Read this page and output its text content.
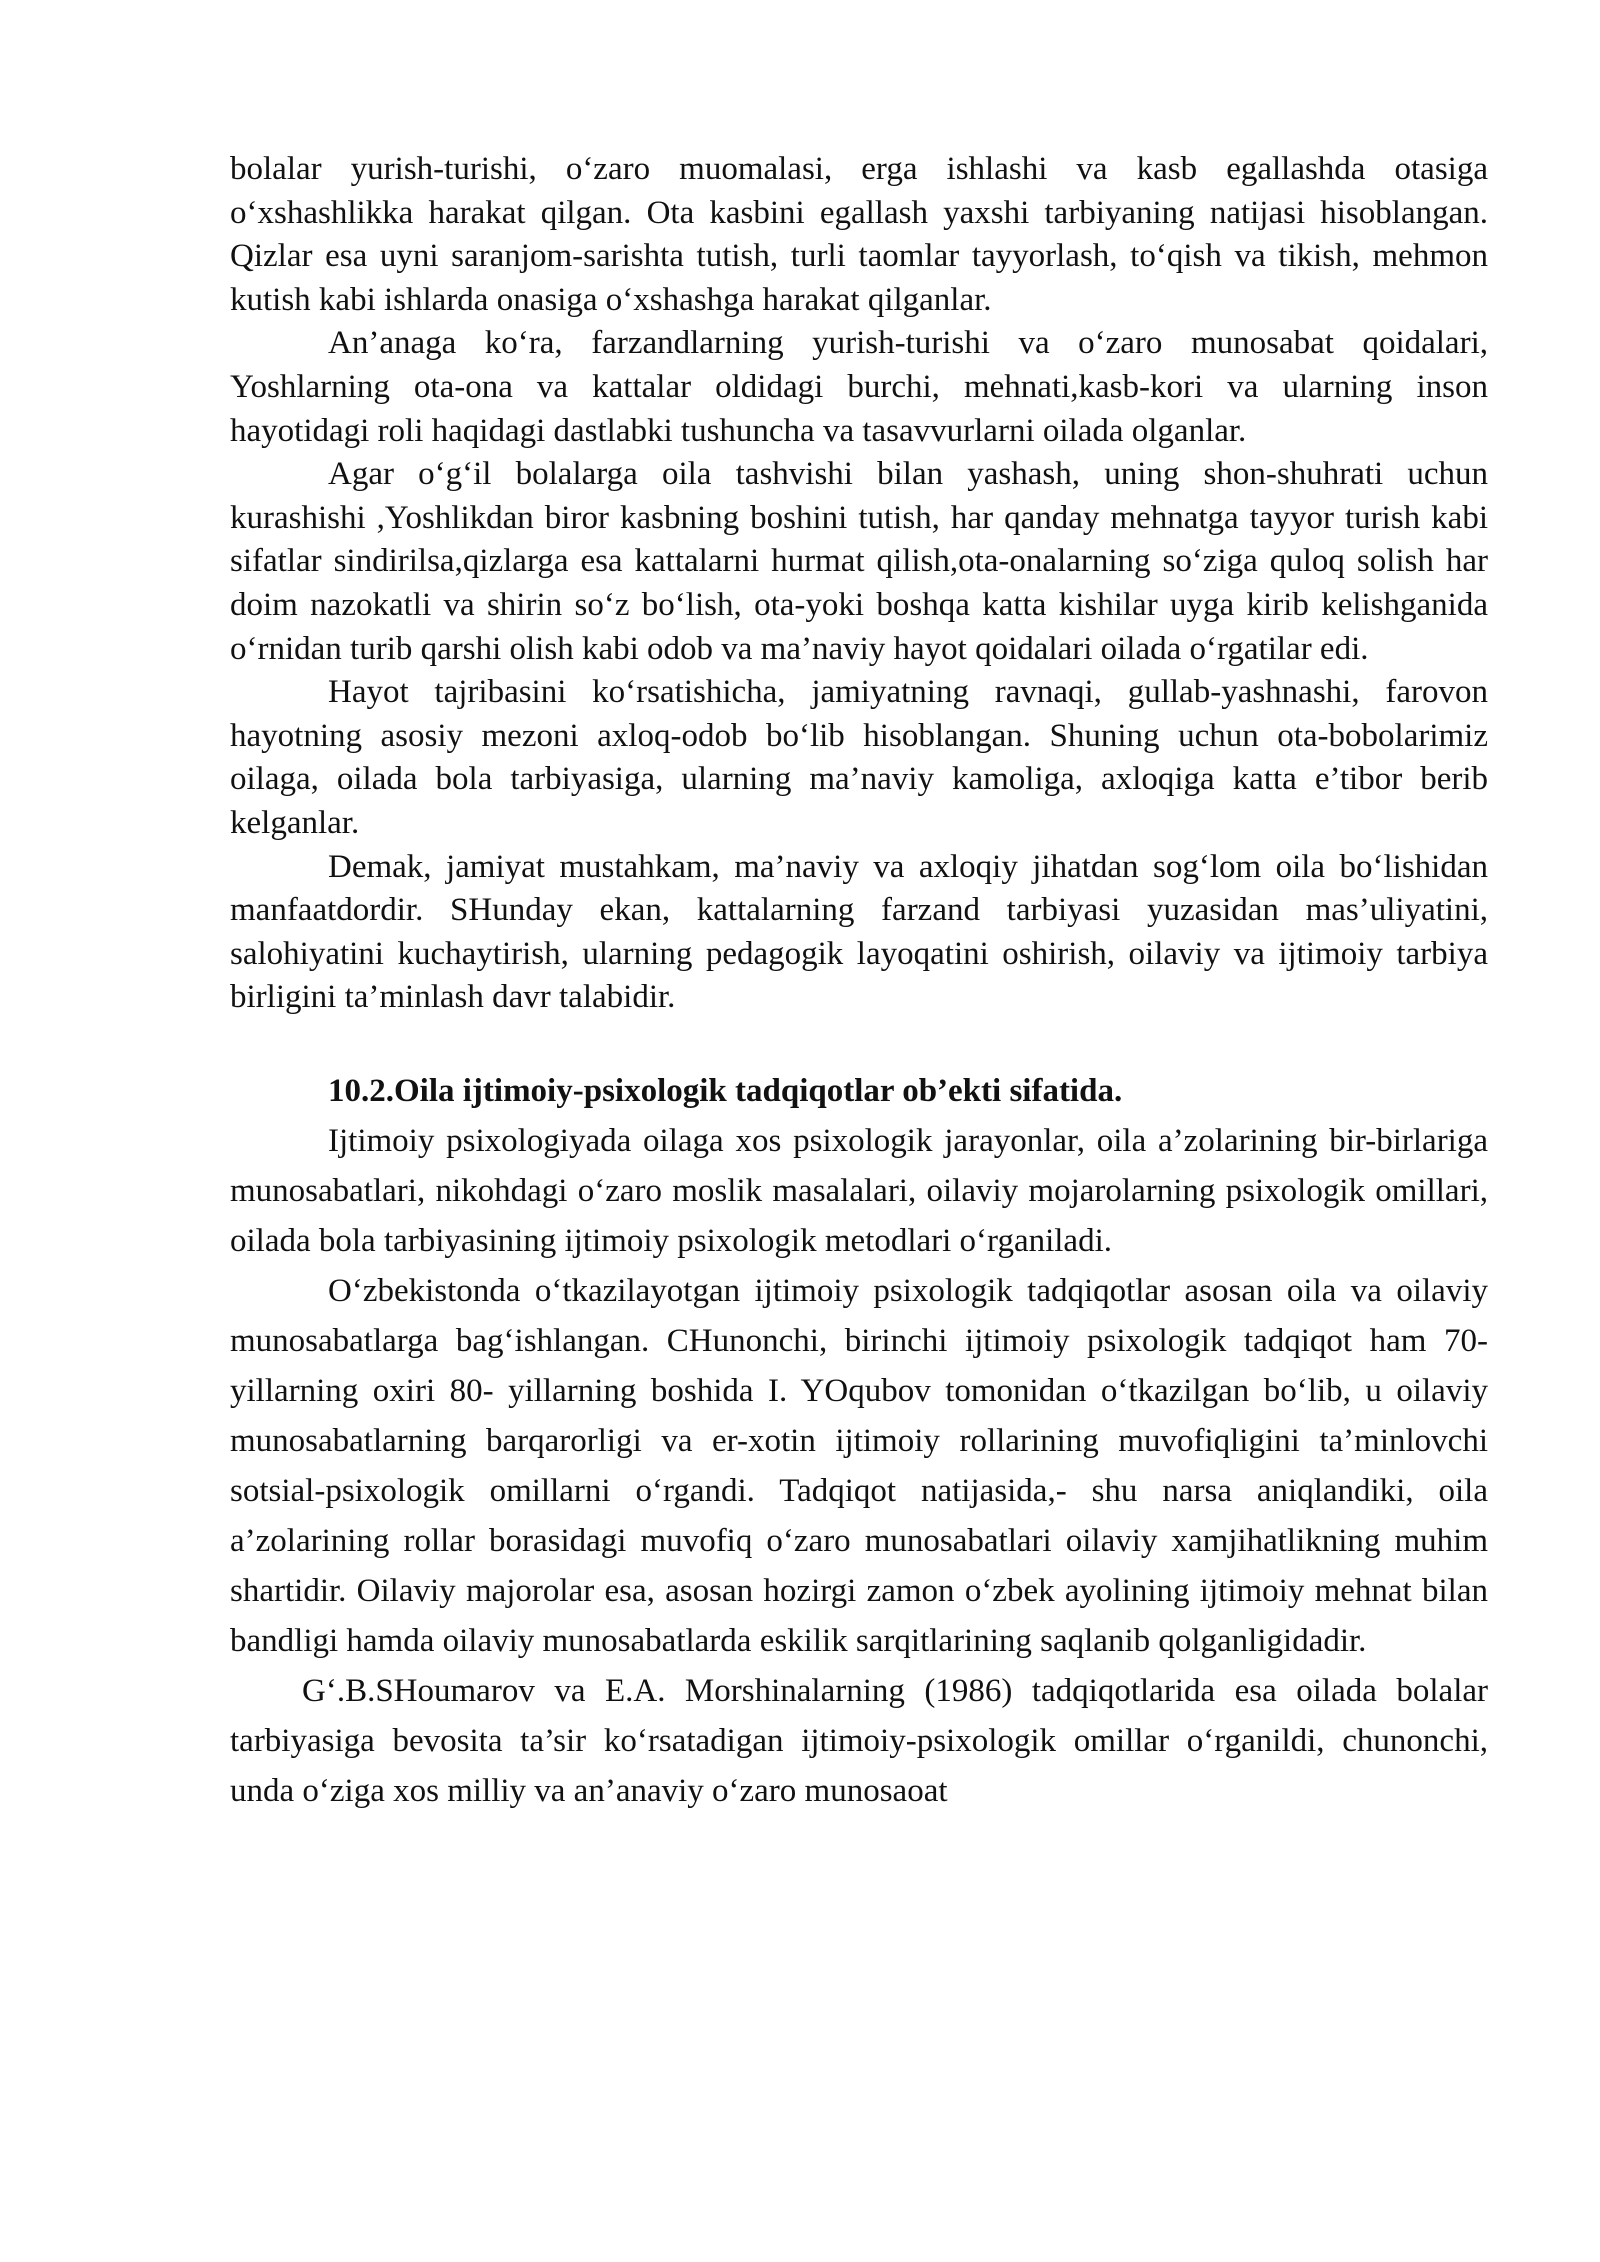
bolalar yurish-turishi, o‘zaro muomalasi, erga ishlashi va kasb egallashda otasiga o‘xshashlikka harakat qilgan. Ota kasbini egallash yaxshi tarbiyaning natijasi hisoblangan. Qizlar esa uyni saranjom-sarishta tutish, turli taomlar tayyorlash, to‘qish va tikish, mehmon kutish kabi ishlarda onasiga o‘xshashga harakat qilganlar.

An’anaga ko‘ra, farzandlarning yurish-turishi va o‘zaro munosabat qoidalari, Yoshlarning ota-ona va kattalar oldidagi burchi, mehnati,kasb-kori va ularning inson hayotidagi roli haqidagi dastlabki tushuncha va tasavvurlarni oilada olganlar.

Agar o‘g‘il bolalarga oila tashvishi bilan yashash, uning shon-shuhrati uchun kurashishi ,Yoshlikdan biror kasbning boshini tutish, har qanday mehnatga tayyor turish kabi sifatlar sindirilsa,qizlarga esa kattalarni hurmat qilish,ota-onalarning so‘ziga quloq solish har doim nazokatli va shirin so‘z bo‘lish, ota-yoki boshqa katta kishilar uyga kirib kelishganida o‘rnidan turib qarshi olish kabi odob va ma’naviy hayot qoidalari oilada o‘rgatilar edi.

Hayot tajribasini ko‘rsatishicha, jamiyatning ravnaqi, gullab-yashnashi, farovon hayotning asosiy mezoni axloq-odob bo‘lib hisoblangan. Shuning uchun ota-bobolarimiz oilaga, oilada bola tarbiyasiga, ularning ma’naviy kamoliga, axloqiga katta e’tibor berib kelganlar.

Demak, jamiyat mustahkam, ma’naviy va axloqiy jihatdan sog‘lom oila bo‘lishidan manfaatdordir. SHunday ekan, kattalarning farzand tarbiyasi yuzasidan mas’uliyatini, salohiyatini kuchaytirish, ularning pedagogik layoqatini oshirish, oilaviy va ijtimoiy tarbiya birligini ta’minlash davr talabidir.

10.2.Oila ijtimoiy-psixologik tadqiqotlar ob’ekti sifatida.

Ijtimoiy psixologiyada oilaga xos psixologik jarayonlar, oila a’zolarining bir-birlariga munosabatlari, nikohdagi o‘zaro moslik masalalari, oilaviy mojarolarning psixologik omillari, oilada bola tarbiyasining ijtimoiy psixologik metodlari o‘rganiladi.

O‘zbekistonda o‘tkazilayotgan ijtimoiy psixologik tadqiqotlar asosan oila va oilaviy munosabatlarga bag‘ishlangan. CHunonchi, birinchi ijtimoiy psixologik tadqiqot ham 70- yillarning oxiri 80- yillarning boshida I. YOqubov tomonidan o‘tkazilgan bo‘lib, u oilaviy munosabatlarning barqarorligi va er-xotin ijtimoiy rollarining muvofiqligini ta’minlovchi sotsial-psixologik omillarni o‘rgandi. Tadqiqot natijasida,- shu narsa aniqlandiki, oila a’zolarining rollar borasidagi muvofiq o‘zaro munosabatlari oilaviy xamjihatlikning muhim shartidir. Oilaviy majorolar esa, asosan hozirgi zamon o‘zbek ayolining ijtimoiy mehnat bilan bandligi hamda oilaviy munosabatlarda eskilik sarqitlarining saqlanib qolganligidadir.

G‘.B.SHoumarov va E.A. Morshinalarning (1986) tadqiqotlarida esa oilada bolalar tarbiyasiga bevosita ta’sir ko‘rsatadigan ijtimoiy-psixologik omillar o‘rganildi, chunonchi, unda o‘ziga xos milliy va an’anaviy o‘zaro munosaoat
